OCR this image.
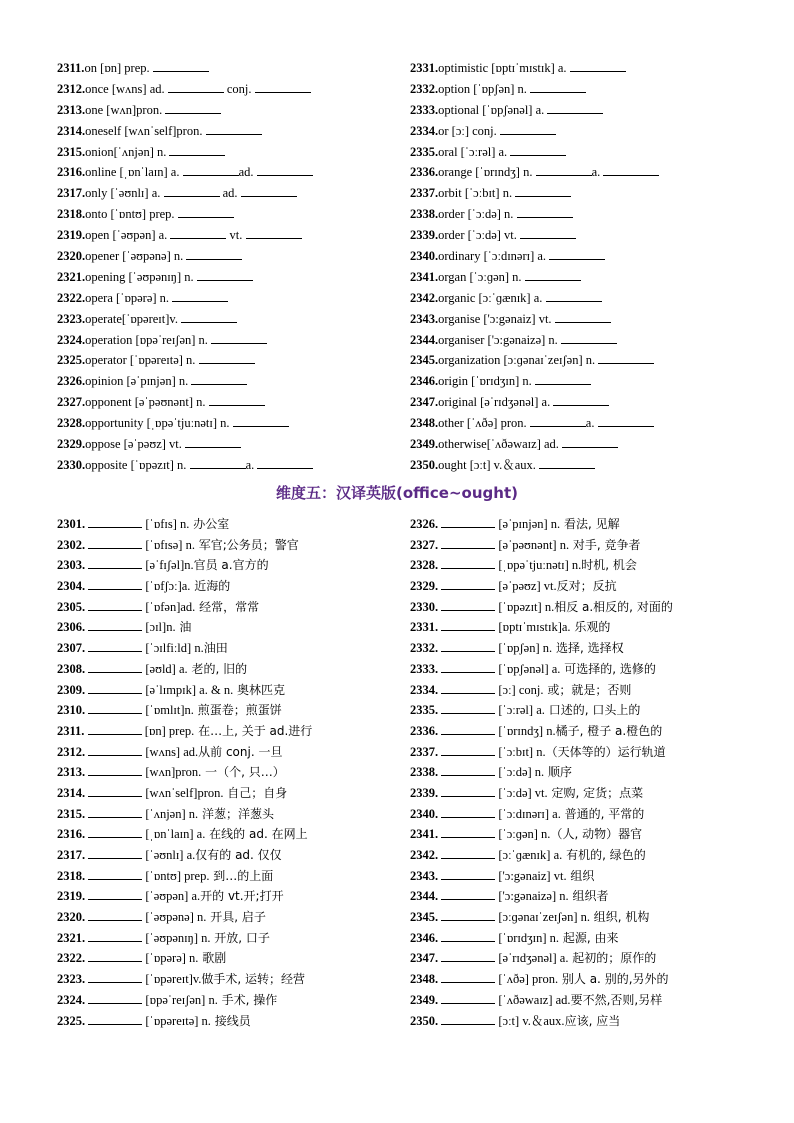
2311.on [ɒn] prep.
2312.once [wʌns] ad.	conj.
2313.one [wʌn]pron.
2314.oneself [wʌnˈself]pron.
2315.onion[ˈʌnjən] n.
2316.online [ˌɒnˈlaɪn] a.	ad.
2317.only [ˈəʊnlɪ] a.	ad.
2318.onto [ˈɒntʊ] prep.
2319.open [ˈəʊpən] a.	vt.
2320.opener [ˈəʊpənə] n.
2321.opening [ˈəʊpənɪŋ] n.
2322.opera [ˈɒpərə] n.
2323.operate[ˈɒpəreɪt]v.
2324.operation [ɒpəˈreɪʃən] n.
2325.operator [ˈɒpəreɪtə] n.
2326.opinion [əˈpɪnjən] n.
2327.opponent [əˈpəʊnənt] n.
2328.opportunity [ˌɒpəˈtjuːnətɪ] n.
2329.oppose [əˈpəʊz] vt.
2330.opposite [ˈɒpəzɪt] n.	a.
2331.optimistic [ɒptɪˈmɪstɪk] a.
2332.option [ˈɒpʃən] n.
2333.optional [ˈɒpʃənəl] a.
2334.or [ɔː] conj.
2335.oral [ˈɔːrəl] a.
2336.orange [ˈɒrɪndʒ] n.	a.
2337.orbit [ˈɔːbɪt] n.
2338.order [ˈɔːdə] n.
2339.order [ˈɔːdə] vt.
2340.ordinary [ˈɔːdɪnərɪ] a.
2341.organ [ˈɔːɡən] n.
2342.organic [ɔːˈɡænɪk] a.
2343.organise ['ɔ:gənaiz] vt.
2344.organiser ['ɔ:gənaizə] n.
2345.organization [ɔːɡənaɪˈzeɪʃən] n.
2346.origin [ˈɒrɪdʒɪn] n.
2347.original [əˈrɪdʒənəl] a.
2348.other [ˈʌðə] pron.	a.
2349.otherwise[ˈʌðəwaɪz] ad.
2350.ought [ɔːt] v.＆aux.
维度五：汉译英版(office~ought)
2301.	[ˈɒfɪs] n. 办公室
2302.	[ˈɒfɪsə] n. 军官;公务员；警官
2303.	[əˈfɪʃəl]n.官员 a.官方的
2304.	[ˈɒfʃɔː]a. 近海的
2305.	[ˈɒfən]ad. 经常，常常
2306.	[ɔɪl]n. 油
2307.	[ˈɔɪlfiːld] n.油田
2308.	[əʊld] a. 老的, 旧的
2309.	[əˈlɪmpɪk] a. & n. 奥林匹克
2310.	[ˈɒmlɪt]n. 煎蛋卷；煎蛋饼
2311.	[ɒn] prep. 在…上, 关于 ad.进行
2312.	[wʌns] ad.从前 conj. 一旦
2313.	[wʌn]pron. 一（个, 只…）
2314.	[wʌnˈself]pron. 自己；自身
2315.	[ˈʌnjən] n. 洋葱；洋葱头
2316.	[ˌɒnˈlaɪn] a. 在线的 ad. 在网上
2317.	[ˈəʊnlɪ] a.仅有的 ad. 仅仅
2318.	[ˈɒntʊ] prep. 到…的上面
2319.	[ˈəʊpən] a.开的 vt.开;打开
2320.	[ˈəʊpənə] n. 开具, 启子
2321.	[ˈəʊpənɪŋ] n. 开放, 口子
2322.	[ˈɒpərə] n. 歌剧
2323.	[ˈɒpəreɪt]v.做手术, 运转；经营
2324.	[ɒpəˈreɪʃən] n. 手术, 操作
2325.	[ˈɒpəreɪtə] n. 接线员
2326.	[əˈpɪnjən] n. 看法, 见解
2327.	[əˈpəʊnənt] n. 对手, 竞争者
2328.	[ˌɒpəˈtjuːnətɪ] n.时机, 机会
2329.	[əˈpəʊz] vt.反对；反抗
2330.	[ˈɒpəzɪt] n.相反 a.相反的, 对面的
2331.	[ɒptɪˈmɪstɪk]a. 乐观的
2332.	[ˈɒpʃən] n. 选择, 选择权
2333.	[ˈɒpʃənəl] a. 可选择的, 选修的
2334.	[ɔː] conj. 或；就是；否则
2335.	[ˈɔːrəl] a. 口述的, 口头上的
2336.	[ˈɒrɪndʒ] n.橘子, 橙子 a.橙色的
2337.	[ˈɔːbɪt] n.（天体等的）运行轨道
2338.	[ˈɔːdə] n. 顺序
2339.	[ˈɔːdə] vt. 定购, 定货；点菜
2340.	[ˈɔːdɪnərɪ] a. 普通的, 平常的
2341.	[ˈɔːɡən] n.（人, 动物）器官
2342.	[ɔːˈɡænɪk] a. 有机的, 绿色的
2343.	['ɔ:gənaiz] vt. 组织
2344.	['ɔ:gənaizə] n. 组织者
2345.	[ɔːɡənaɪˈzeɪʃən] n. 组织, 机构
2346.	[ˈɒrɪdʒɪn] n. 起源, 由来
2347.	[əˈrɪdʒənəl] a. 起初的；原作的
2348.	[ˈʌðə] pron. 别人 a. 别的,另外的
2349.	[ˈʌðəwaɪz] ad.要不然,否则,另样
2350.	[ɔːt] v.＆aux.应该, 应当
